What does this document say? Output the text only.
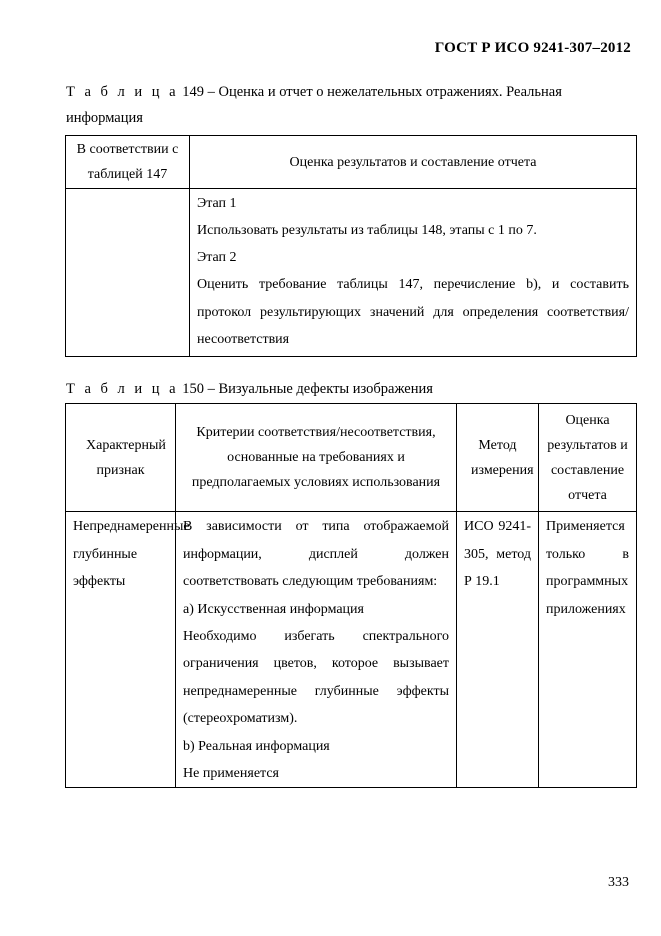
ГОСТ Р ИСО 9241-307–2012
Т а б л и ц а 149 – Оценка и отчет о нежелательных отражениях. Реальная информация
В соответствии с таблицей 147	Оценка результатов и составление отчета

	Этап 1
Использовать результаты из таблицы 148, этапы с 1 по 7.
Этап 2
Оценить требование таблицы 147, перечисление b), и составить протокол результирующих значений для определения соответствия/несоответствия
Т а б л и ц а 150 – Визуальные дефекты изображения
Характерный признак	Критерии соответствия/несоответствия, основанные на требованиях и предполагаемых условиях использования	Метод измерения	Оценка результатов и составление отчета
Непреднамеренные глубинные эффекты	В зависимости от типа отображаемой информации, дисплей должен соответствовать следующим требованиям:
а) Искусственная информация
Необходимо избегать спектрального ограничения цветов, которое вызывает непреднамеренные глубинные эффекты (стереохроматизм).
b) Реальная информация
Не применяется	ИСО 9241-305, метод Р 19.1	Применяется только в программных приложениях
333
